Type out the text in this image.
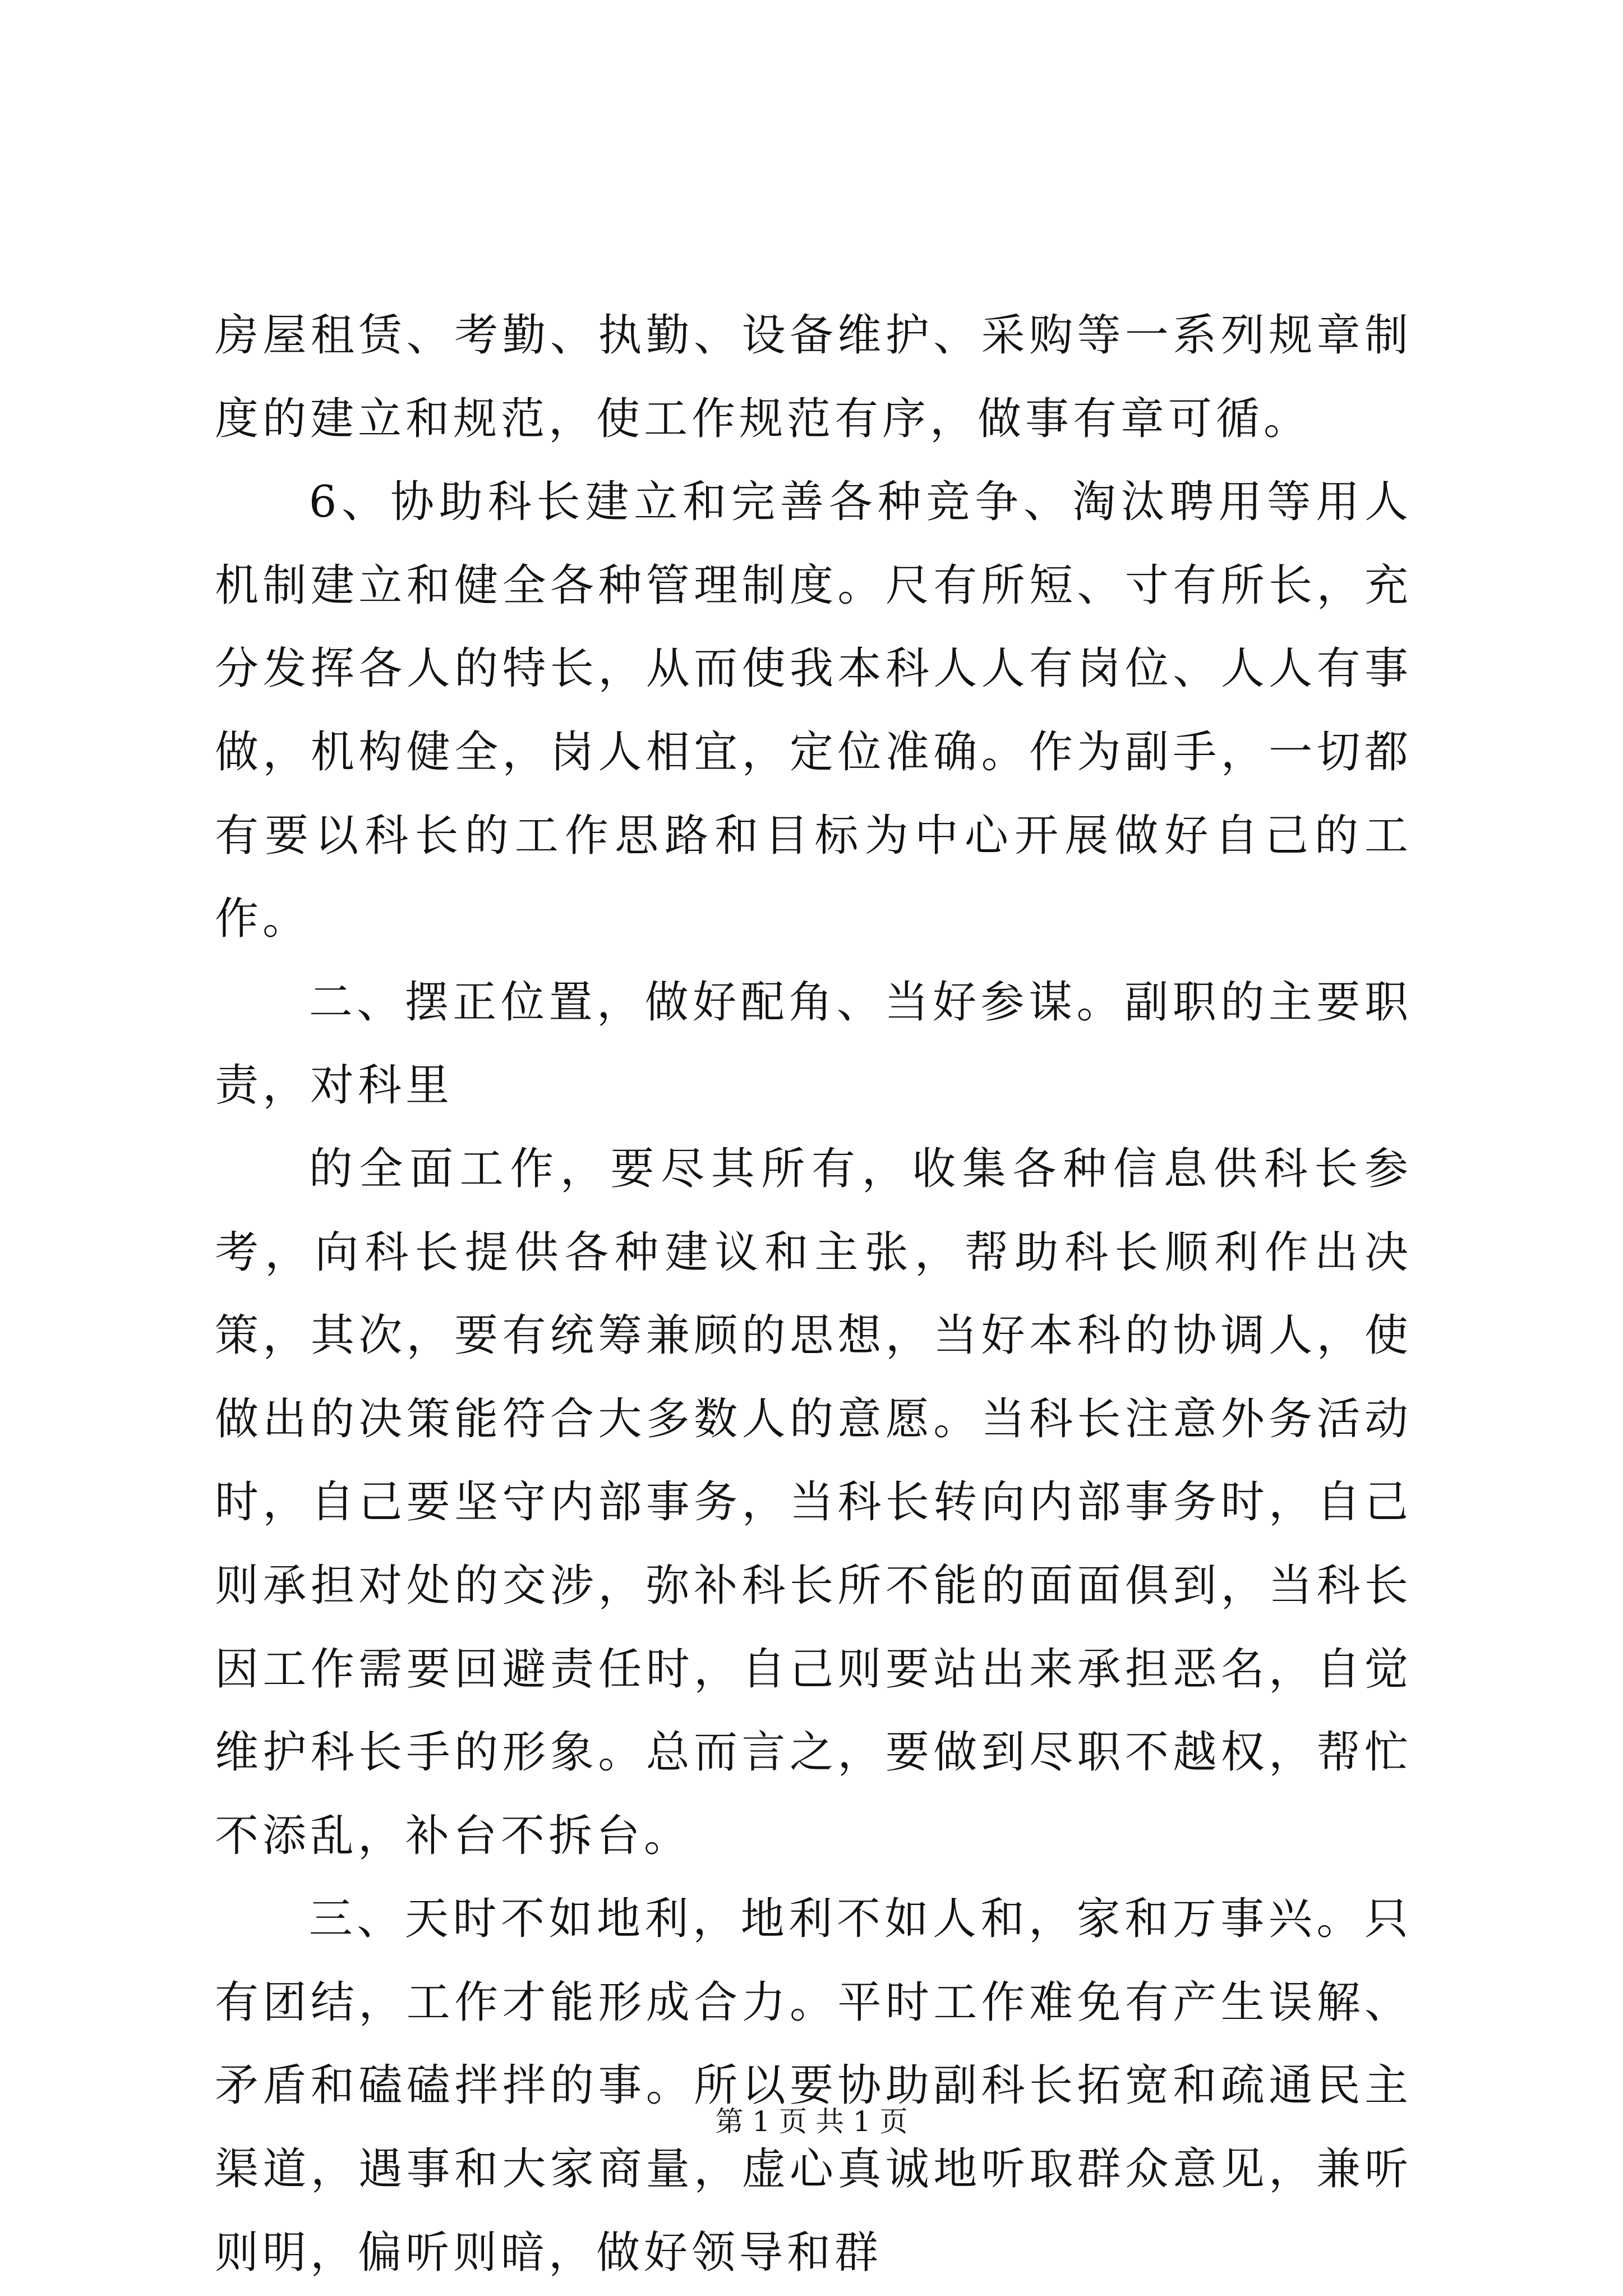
房屋租赁、考勤、执勤、设备维护、采购等一系列规章制度的建立和规范，使工作规范有序，做事有章可循。

6、协助科长建立和完善各种竞争、淘汰聘用等用人机制建立和健全各种管理制度。尺有所短、寸有所长，充分发挥各人的特长，从而使我本科人人有岗位、人人有事做，机构健全，岗人相宜，定位准确。作为副手，一切都有要以科长的工作思路和目标为中心开展做好自己的工作。

二、摆正位置，做好配角、当好参谋。副职的主要职责，对科里

的全面工作，要尽其所有，收集各种信息供科长参考，向科长提供各种建议和主张，帮助科长顺利作出决策，其次，要有统筹兼顾的思想，当好本科的协调人，使做出的决策能符合大多数人的意愿。当科长注意外务活动时，自己要坚守内部事务，当科长转向内部事务时，自己则承担对处的交涉，弥补科长所不能的面面俱到，当科长因工作需要回避责任时，自己则要站出来承担恶名，自觉维护科长手的形象。总而言之，要做到尽职不越权，帮忙不添乱，补台不拆台。

三、天时不如地利，地利不如人和，家和万事兴。只有团结，工作才能形成合力。平时工作难免有产生误解、矛盾和磕磕拌拌的事。所以要协助副科长拓宽和疏通民主渠道，遇事和大家商量，虚心真诚地听取群众意见，兼听则明，偏听则暗，做好领导和群

第 1 页 共 1 页
